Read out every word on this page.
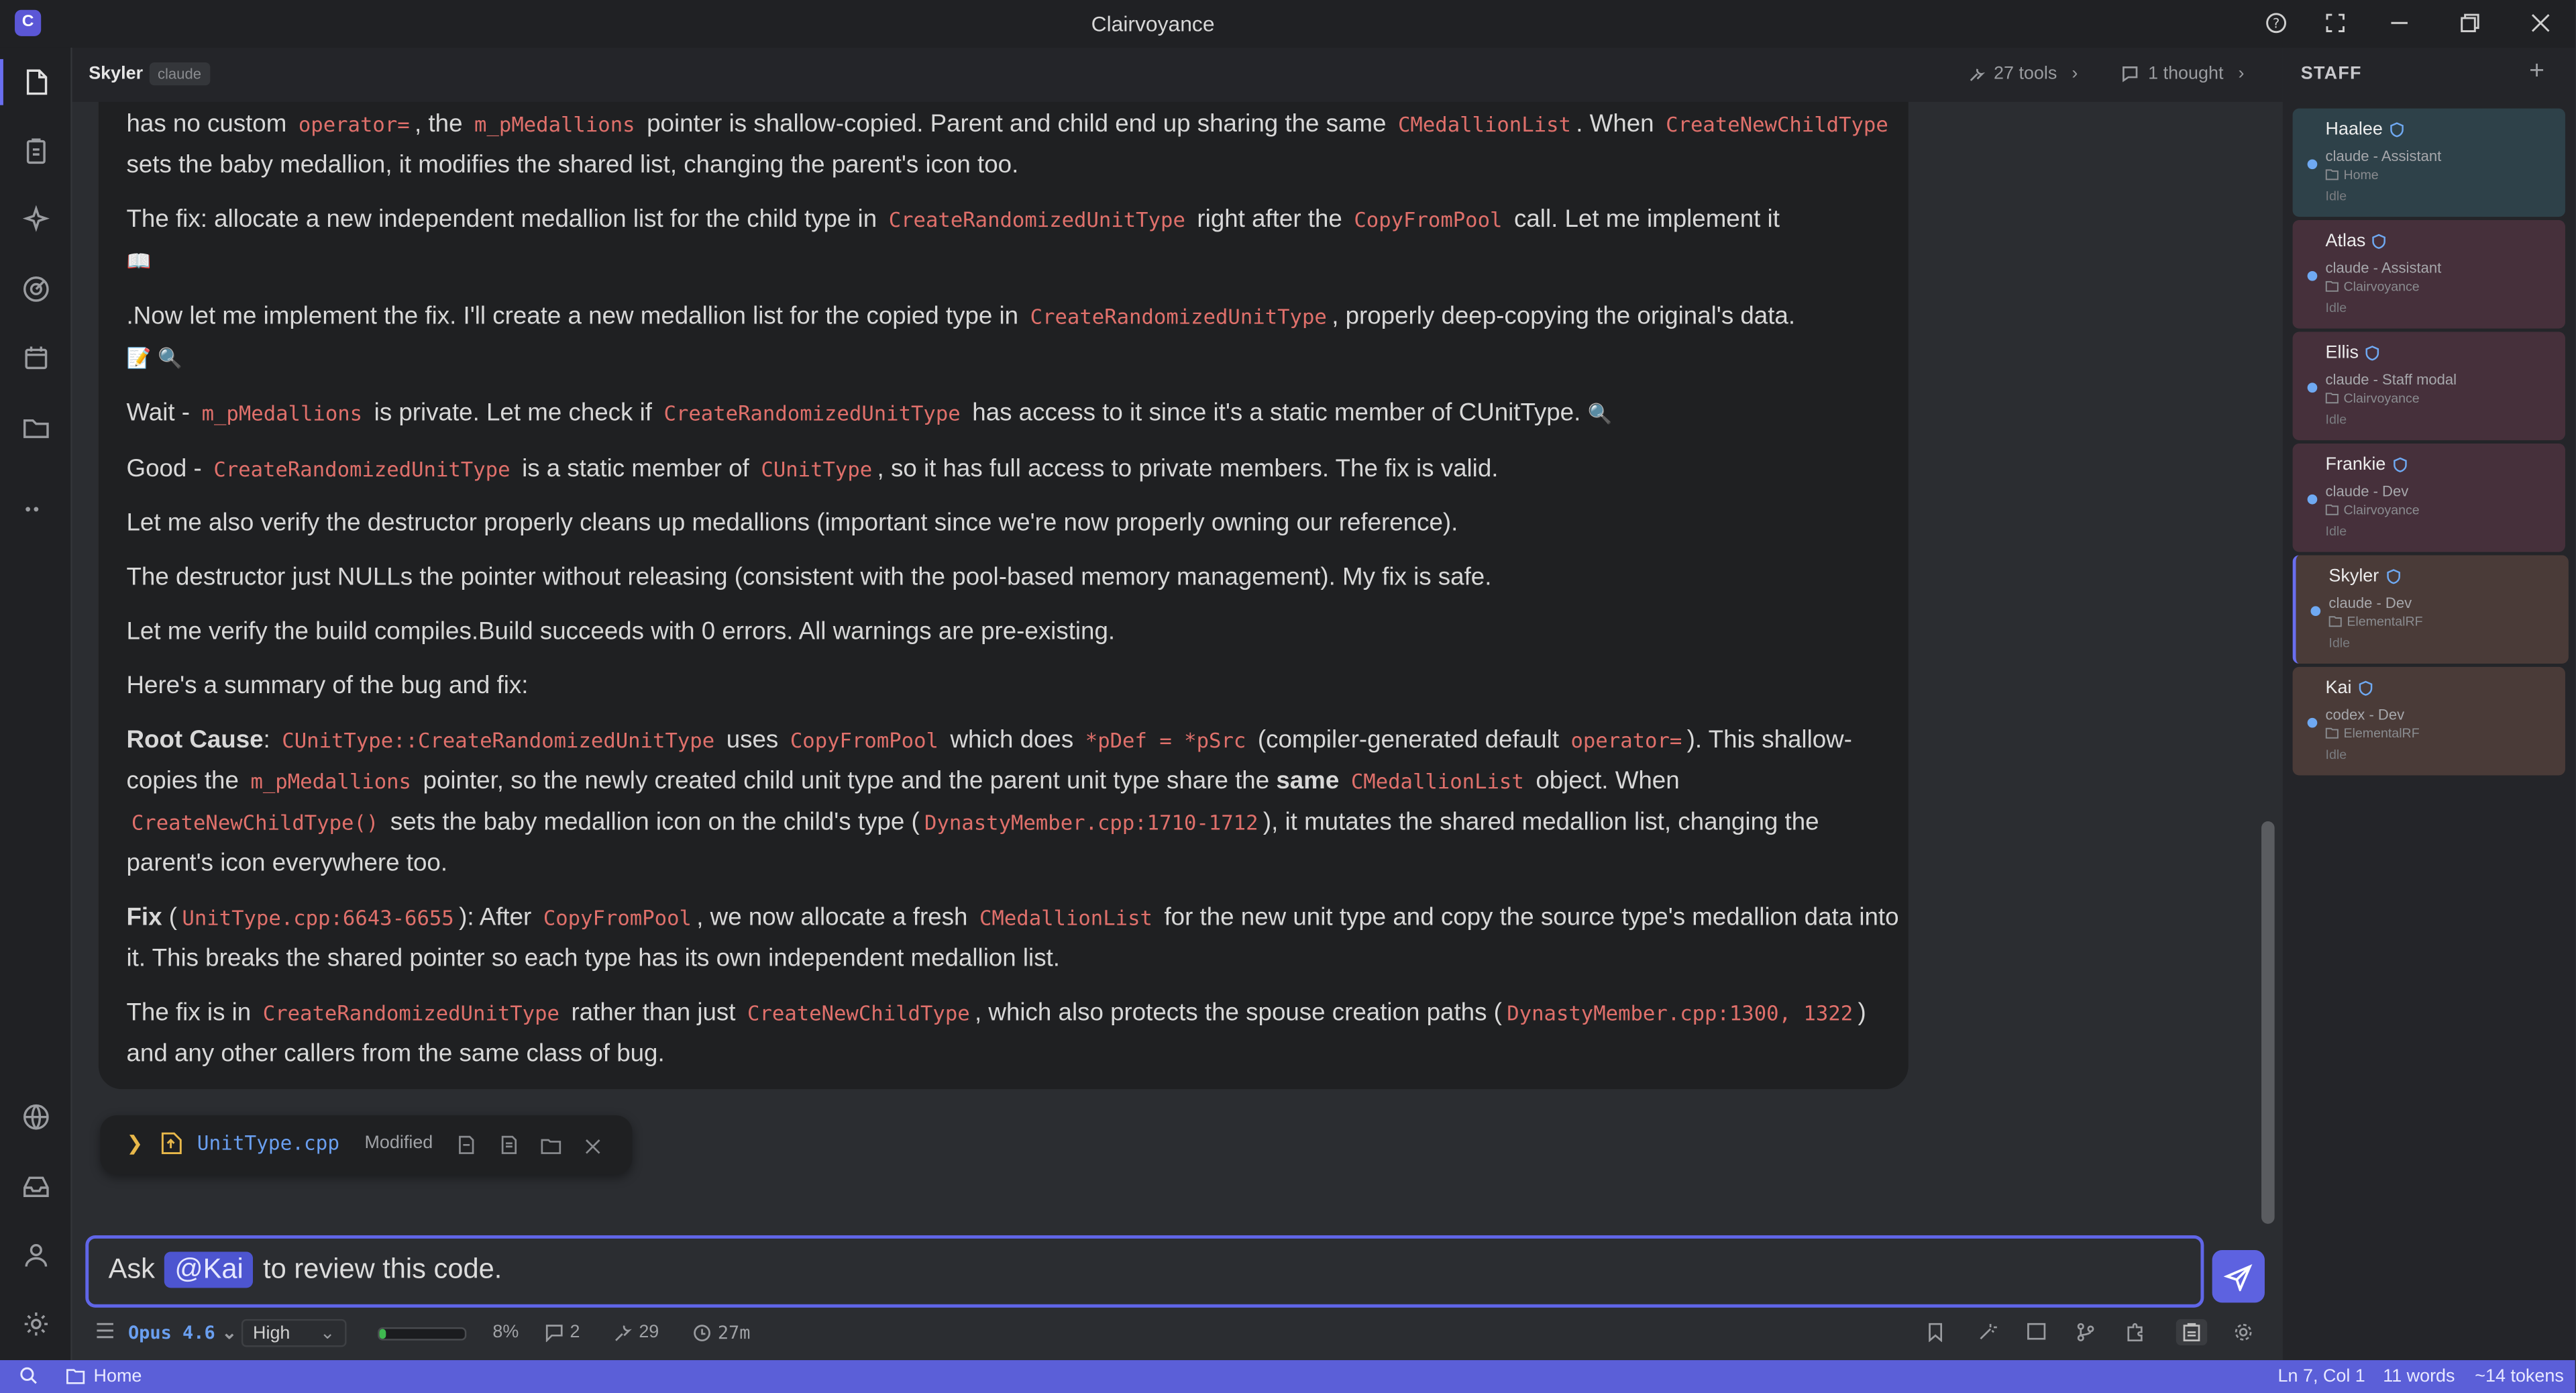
C	Clairvoyance	?
Skyler	claude	27 tools ›	1 thought ›

has no custom operator= , the m_pMedallions pointer is shallow-copied. Parent and child end up sharing the same CMedallionList . When CreateNewChildType sets the baby medallion, it modifies the shared list, changing the parent's icon too.

The fix: allocate a new independent medallion list for the child type in CreateRandomizedUnitType right after the CopyFromPool call. Let me implement it
📖

.Now let me implement the fix. I'll create a new medallion list for the copied type in CreateRandomizedUnitType , properly deep-copying the original's data.
📝 🔍

Wait - m_pMedallions is private. Let me check if CreateRandomizedUnitType has access to it since it's a static member of CUnitType. 🔍

Good - CreateRandomizedUnitType is a static member of CUnitType , so it has full access to private members. The fix is valid.

Let me also verify the destructor properly cleans up medallions (important since we're now properly owning our reference).

The destructor just NULLs the pointer without releasing (consistent with the pool-based memory management). My fix is safe.

Let me verify the build compiles.Build succeeds with 0 errors. All warnings are pre-existing.

Here's a summary of the bug and fix:

Root Cause: CUnitType::CreateRandomizedUnitType uses CopyFromPool which does *pDef = *pSrc (compiler-generated default operator= ). This shallow-copies the m_pMedallions pointer, so the newly created child unit type and the parent unit type share the same CMedallionList object. When CreateNewChildType() sets the baby medallion icon on the child's type ( DynastyMember.cpp:1710-1712 ), it mutates the shared medallion list, changing the parent's icon everywhere too.

Fix ( UnitType.cpp:6643-6655 ): After CopyFromPool , we now allocate a fresh CMedallionList for the new unit type and copy the source type's medallion data into it. This breaks the shared pointer so each type has its own independent medallion list.

The fix is in CreateRandomizedUnitType rather than just CreateNewChildType , which also protects the spouse creation paths ( DynastyMember.cpp:1300, 1322 ) and any other callers from the same class of bug.

❯	UnitType.cpp	Modified
Ask	@Kai	to review this code.
Opus 4.6 ⌄ High	⌄	8%	2	29	27m
STAFF	+
Haalee
claude - Assistant
Home
Idle
Atlas
claude - Assistant
Clairvoyance
Idle
Ellis
claude - Staff modal
Clairvoyance
Idle
Frankie
claude - Dev
Clairvoyance
Idle
Skyler
claude - Dev
ElementalRF
Idle
Kai
codex - Dev
ElementalRF
Idle
Home	Ln 7, Col 1 11 words	~14 tokens
